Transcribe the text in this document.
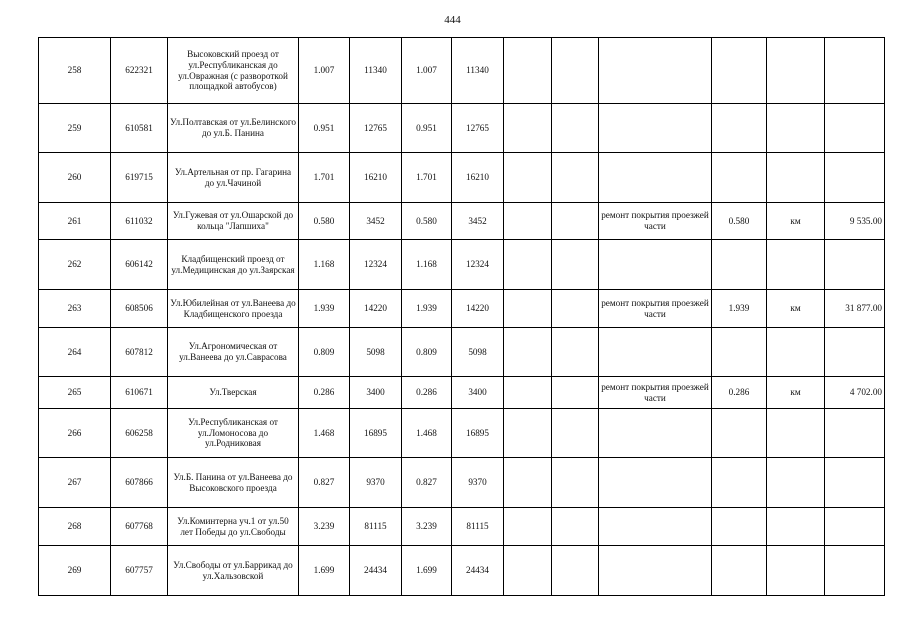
444
258	622321	Высоковский проезд от ул.Республиканская до ул.Овражная (с развороткой площадкой автобусов)	1.007	11340	1.007	11340						
259	610581	Ул.Полтавская от ул.Белинского до ул.Б. Панина	0.951	12765	0.951	12765						
260	619715	Ул.Артельная от пр. Гагарина до ул.Чачиной	1.701	16210	1.701	16210						
261	611032	Ул.Гужевая от ул.Ошарской до кольца "Лапшиха"	0.580	3452	0.580	3452			ремонт покрытия проезжей части	0.580	км	9 535.00
262	606142	Кладбищенский проезд от ул.Медицинская до ул.Заярская	1.168	12324	1.168	12324						
263	608506	Ул.Юбилейная от ул.Ванеева до Кладбищенского проезда	1.939	14220	1.939	14220			ремонт покрытия проезжей части	1.939	км	31 877.00
264	607812	Ул.Агрономическая от ул.Ванеева до ул.Саврасова	0.809	5098	0.809	5098						
265	610671	Ул.Тверская	0.286	3400	0.286	3400			ремонт покрытия проезжей части	0.286	км	4 702.00
266	606258	Ул.Республиканская от ул.Ломоносова до ул.Родниковая	1.468	16895	1.468	16895						
267	607866	Ул.Б. Панина от ул.Ванеева до Высоковского проезда	0.827	9370	0.827	9370						
268	607768	Ул.Коминтерна уч.1 от ул.50 лет Победы до ул.Свободы	3.239	81115	3.239	81115						
269	607757	Ул.Свободы от ул.Баррикад до ул.Хальзовской	1.699	24434	1.699	24434						
